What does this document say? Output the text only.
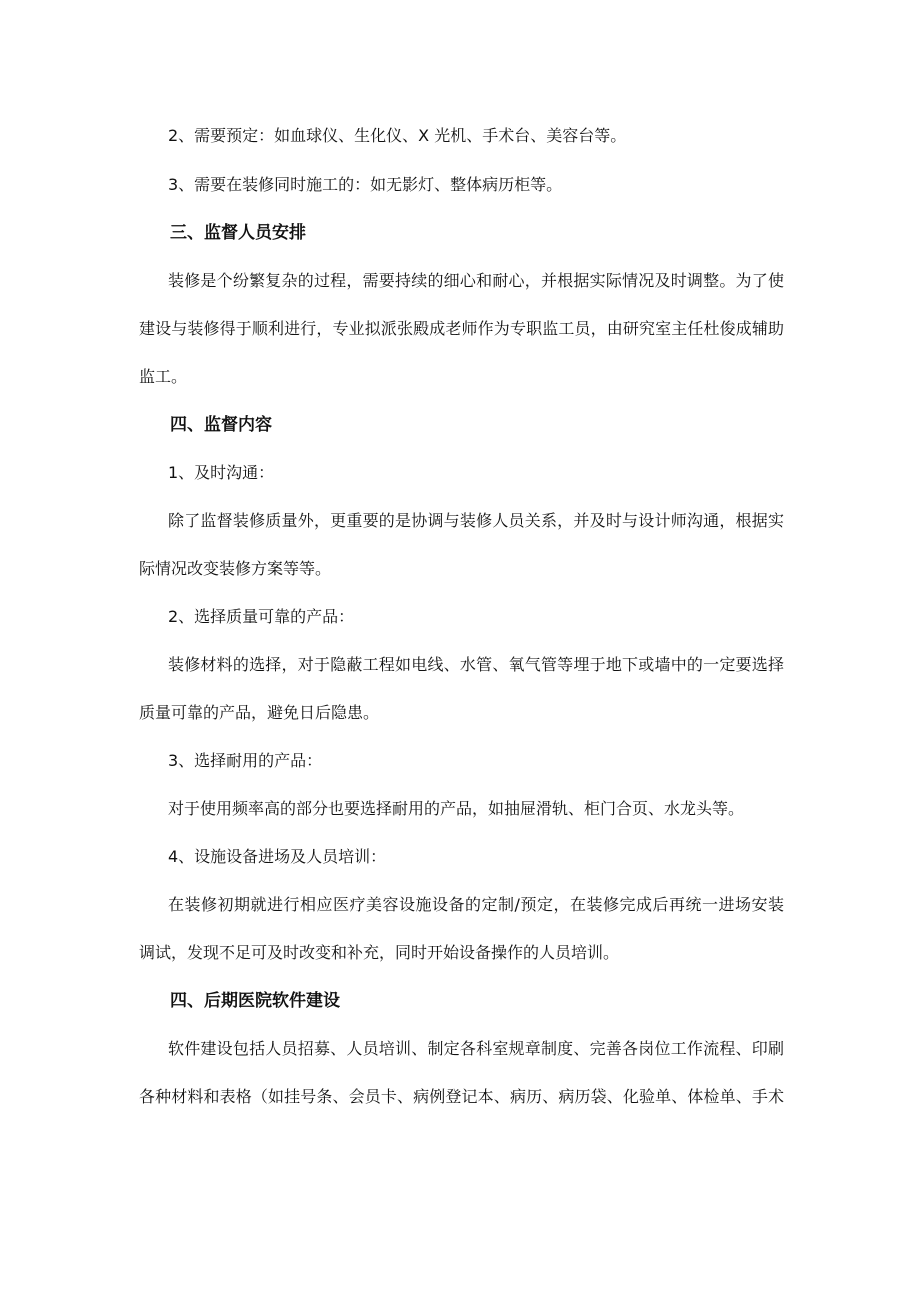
2、需要预定：如血球仪、生化仪、X 光机、手术台、美容台等。
3、需要在装修同时施工的：如无影灯、整体病历柜等。
三、监督人员安排
装修是个纷繁复杂的过程，需要持续的细心和耐心，并根据实际情况及时调整。为了使
建设与装修得于顺利进行，专业拟派张殿成老师作为专职监工员，由研究室主任杜俊成辅助
监工。
四、监督内容
1、及时沟通：
除了监督装修质量外，更重要的是协调与装修人员关系，并及时与设计师沟通，根据实
际情况改变装修方案等等。
2、选择质量可靠的产品：
装修材料的选择，对于隐蔽工程如电线、水管、氧气管等埋于地下或墙中的一定要选择
质量可靠的产品，避免日后隐患。
3、选择耐用的产品：
对于使用频率高的部分也要选择耐用的产品，如抽屉滑轨、柜门合页、水龙头等。
4、设施设备进场及人员培训：
在装修初期就进行相应医疗美容设施设备的定制/预定，在装修完成后再统一进场安装
调试，发现不足可及时改变和补充，同时开始设备操作的人员培训。
四、后期医院软件建设
软件建设包括人员招募、人员培训、制定各科室规章制度、完善各岗位工作流程、印刷
各种材料和表格（如挂号条、会员卡、病例登记本、病历、病历袋、化验单、体检单、手术
